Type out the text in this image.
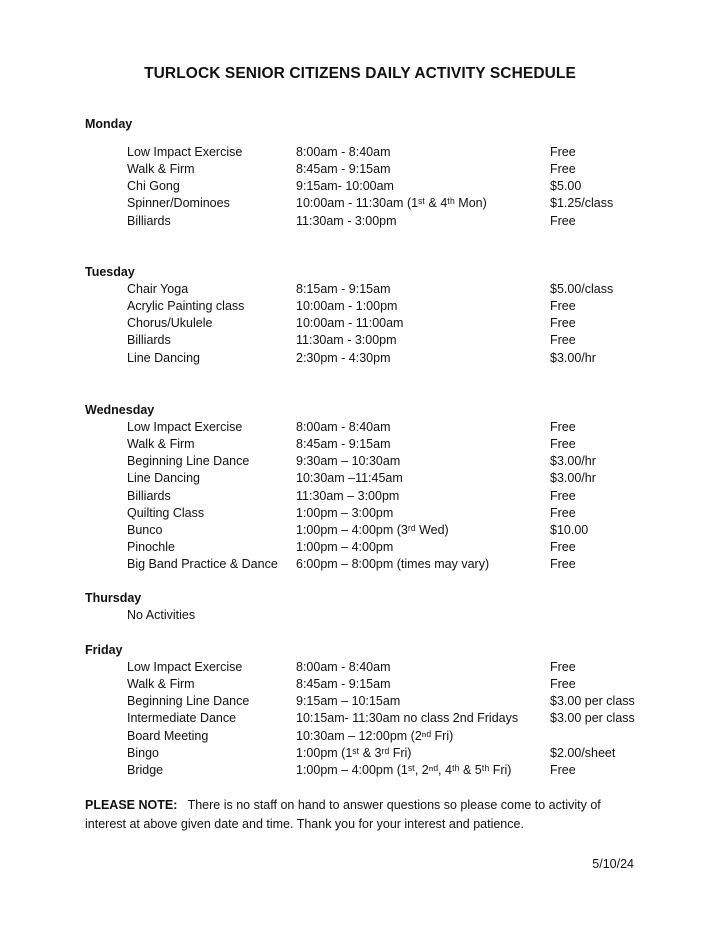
TURLOCK SENIOR CITIZENS DAILY ACTIVITY SCHEDULE
Monday
Low Impact Exercise	8:00am - 8:40am	Free
Walk & Firm	8:45am - 9:15am	Free
Chi Gong	9:15am- 10:00am	$5.00
Spinner/Dominoes	10:00am - 11:30am (1ˢᵗ & 4ᵗʰ Mon)	$1.25/class
Billiards	11:30am - 3:00pm	Free
Tuesday
Chair Yoga	8:15am - 9:15am	$5.00/class
Acrylic Painting class	10:00am - 1:00pm	Free
Chorus/Ukulele	10:00am - 11:00am	Free
Billiards	11:30am - 3:00pm	Free
Line Dancing	2:30pm - 4:30pm	$3.00/hr
Wednesday
Low Impact Exercise	8:00am - 8:40am	Free
Walk & Firm	8:45am - 9:15am	Free
Beginning Line Dance	9:30am – 10:30am	$3.00/hr
Line Dancing	10:30am –11:45am	$3.00/hr
Billiards	11:30am – 3:00pm	Free
Quilting Class	1:00pm – 3:00pm	Free
Bunco	1:00pm – 4:00pm (3ʳᵈ Wed)	$10.00
Pinochle	1:00pm – 4:00pm	Free
Big Band Practice & Dance 6:00pm – 8:00pm (times may vary)	Free
Thursday
No Activities
Friday
Low Impact Exercise	8:00am - 8:40am	Free
Walk & Firm	8:45am - 9:15am	Free
Beginning Line Dance	9:15am – 10:15am	$3.00 per class
Intermediate Dance	10:15am- 11:30am no class 2nd Fridays	$3.00 per class
Board Meeting	10:30am – 12:00pm (2ⁿᵈ Fri)
Bingo	1:00pm (1ˢᵗ & 3ʳᵈ Fri)	$2.00/sheet
Bridge	1:00pm – 4:00pm (1ˢᵗ, 2ⁿᵈ, 4ᵗʰ & 5ᵗʰ Fri)	Free
PLEASE NOTE: There is no staff on hand to answer questions so please come to activity of interest at above given date and time. Thank you for your interest and patience.
5/10/24
